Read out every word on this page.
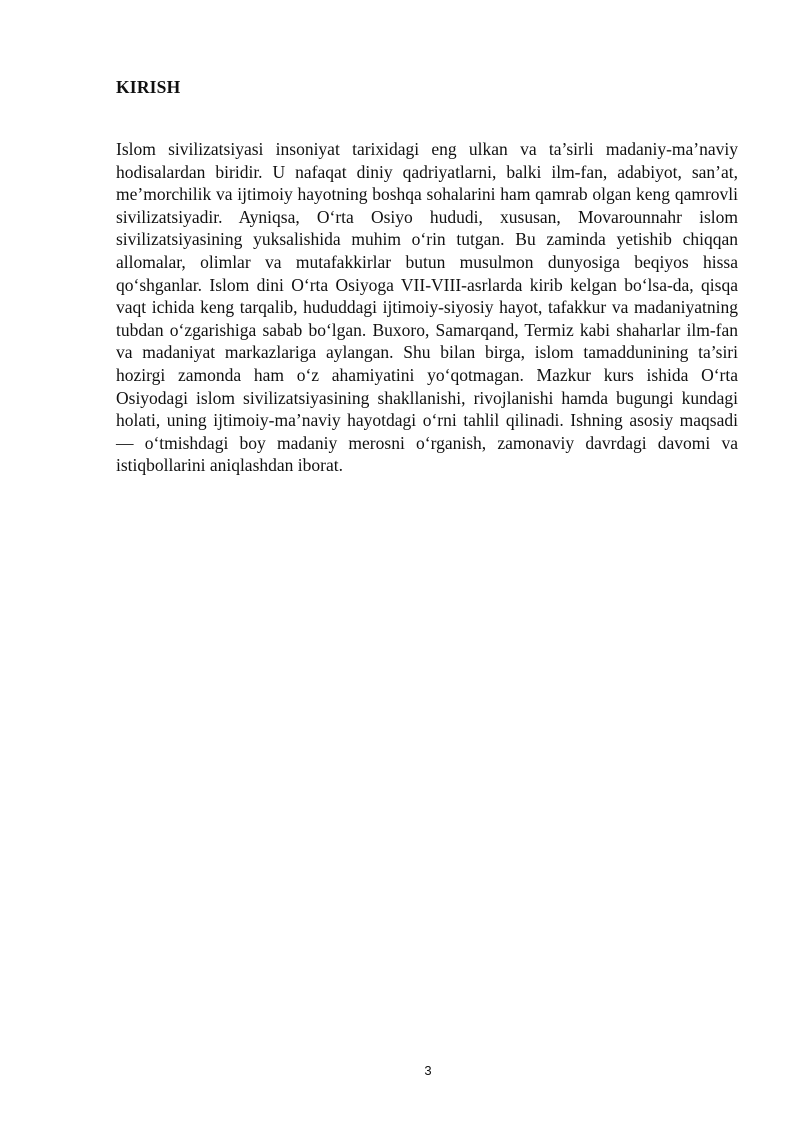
KIRISH

Islom sivilizatsiyasi insoniyat tarixidagi eng ulkan va ta’sirli madaniy-ma’naviy hodisalardan biridir. U nafaqat diniy qadriyatlarni, balki ilm-fan, adabiyot, san’at, me’morchilik va ijtimoiy hayotning boshqa sohalarini ham qamrab olgan keng qamrovli sivilizatsiyadir. Ayniqsa, O‘rta Osiyo hududi, xususan, Movarounnahr islom sivilizatsiyasining yuksalishida muhim o‘rin tutgan. Bu zaminda yetishib chiqqan allomalar, olimlar va mutafakkirlar butun musulmon dunyosiga beqiyos hissa qo‘shganlar. Islom dini O‘rta Osiyoga VII-VIII-asrlarda kirib kelgan bo‘lsa-da, qisqa vaqt ichida keng tarqalib, hududdagi ijtimoiy-siyosiy hayot, tafakkur va madaniyatning tubdan o‘zgarishiga sabab bo‘lgan. Buxoro, Samarqand, Termiz kabi shaharlar ilm-fan va madaniyat markazlariga aylangan. Shu bilan birga, islom tamaddunining ta’siri hozirgi zamonda ham o‘z ahamiyatini yo‘qotmagan. Mazkur kurs ishida O‘rta Osiyodagi islom sivilizatsiyasining shakllanishi, rivojlanishi hamda bugungi kundagi holati, uning ijtimoiy-ma’naviy hayotdagi o‘rni tahlil qilinadi. Ishning asosiy maqsadi — o‘tmishdagi boy madaniy merosni o‘rganish, zamonaviy davrdagi davomi va istiqbollarini aniqlashdan iborat.

3
